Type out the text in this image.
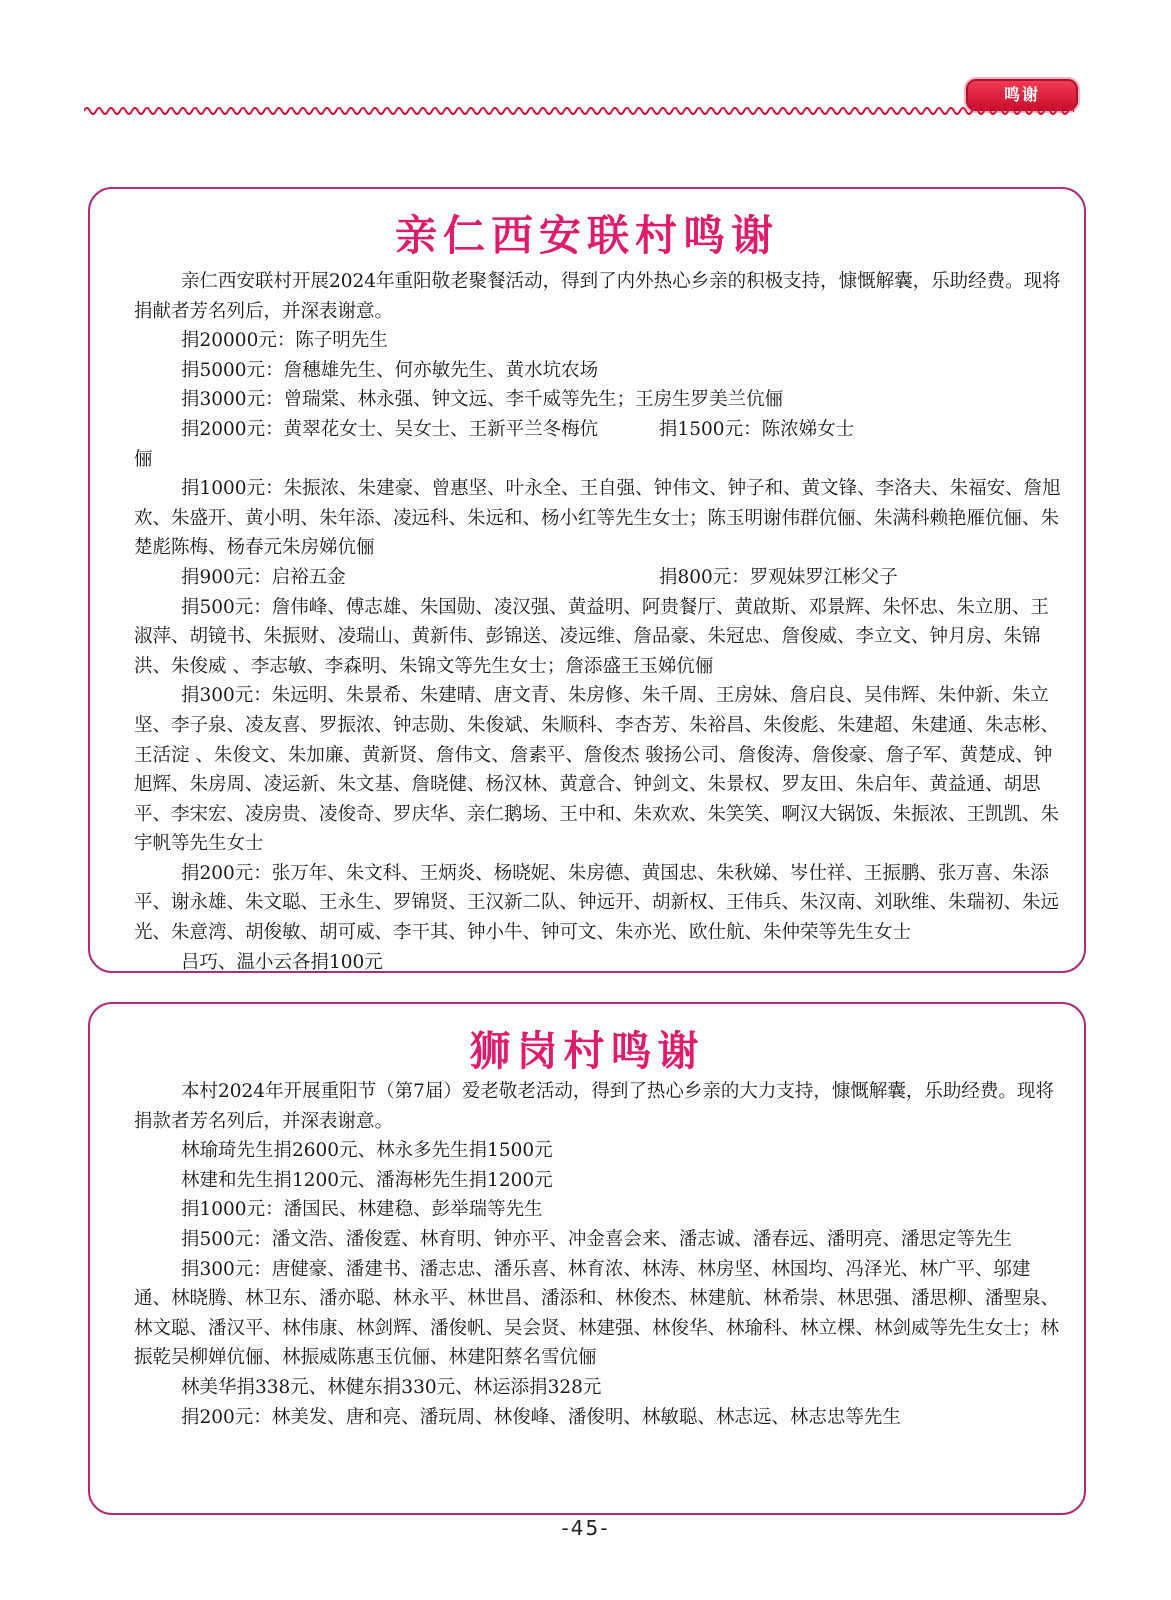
鸣谢
亲仁西安联村鸣谢

亲仁西安联村开展2024年重阳敬老聚餐活动，得到了内外热心乡亲的积极支持，慷慨解囊，乐助经费。现将捐献者芳名列后，并深表谢意。

捐20000元：陈子明先生

捐5000元：詹穗雄先生、何亦敏先生、黄水坑农场

捐3000元：曾瑞棠、林永强、钟文远、李千威等先生；王房生罗美兰伉俪

捐2000元：黄翠花女士、吴女士、王新平兰冬梅伉俪
捐1500元：陈浓娣女士

捐1000元：朱振浓、朱建豪、曾惠坚、叶永全、王自强、钟伟文、钟子和、黄文锋、李洛夫、朱福安、詹旭欢、朱盛开、黄小明、朱年添、凌远科、朱远和、杨小红等先生女士；陈玉明谢伟群伉俪、朱满科赖艳雁伉俪、朱楚彪陈梅、杨春元朱房娣伉俪

捐900元：启裕五金	捐800元：罗观妹罗江彬父子

捐500元：詹伟峰、傅志雄、朱国勋、凌汉强、黄益明、阿贵餐厅、黄啟斯、邓景辉、朱怀忠、朱立朋、王淑萍、胡镜书、朱振财、凌瑞山、黄新伟、彭锦送、凌远维、詹品豪、朱冠忠、詹俊威、李立文、钟月房、朱锦洪、朱俊威 、李志敏、李森明、朱锦文等先生女士；詹添盛王玉娣伉俪

捐300元：朱远明、朱景希、朱建晴、唐文青、朱房修、朱千周、王房妹、詹启良、吴伟辉、朱仲新、朱立坚、李子泉、凌友喜、罗振浓、钟志勋、朱俊斌、朱顺科、李杏芳、朱裕昌、朱俊彪、朱建超、朱建通、朱志彬、王活淀 、朱俊文、朱加廉、黄新贤、詹伟文、詹素平、詹俊杰 骏扬公司、詹俊涛、詹俊豪、詹子军、黄楚成、钟旭辉、朱房周、凌运新、朱文基、詹晓健、杨汉林、黄意合、钟剑文、朱景权、罗友田、朱启年、黄益通、胡思平、李宋宏、凌房贵、凌俊奇、罗庆华、亲仁鹅场、王中和、朱欢欢、朱笑笑、啊汉大锅饭、朱振浓、王凯凯、朱宇帆等先生女士

捐200元：张万年、朱文科、王炳炎、杨晓妮、朱房德、黄国忠、朱秋娣、岑仕祥、王振鹏、张万喜、朱添平、谢永雄、朱文聪、王永生、罗锦贤、王汉新二队、钟远开、胡新权、王伟兵、朱汉南、刘耿维、朱瑞初、朱远光、朱意湾、胡俊敏、胡可威、李干其、钟小牛、钟可文、朱亦光、欧仕航、朱仲荣等先生女士

吕巧、温小云各捐100元

狮岗村鸣谢

本村2024年开展重阳节（第7届）爱老敬老活动，得到了热心乡亲的大力支持，慷慨解囊，乐助经费。现将捐款者芳名列后，并深表谢意。

林瑜琦先生捐2600元、林永多先生捐1500元

林建和先生捐1200元、潘海彬先生捐1200元

捐1000元：潘国民、林建稳、彭举瑞等先生

捐500元：潘文浩、潘俊霆、林育明、钟亦平、冲金喜会来、潘志诚、潘春远、潘明亮、潘思定等先生

捐300元：唐健豪、潘建书、潘志忠、潘乐喜、林育浓、林涛、林房坚、林国均、冯泽光、林广平、邬建通、林晓腾、林卫东、潘亦聪、林永平、林世昌、潘添和、林俊杰、林建航、林希崇、林思强、潘思柳、潘聖泉、林文聪、潘汉平、林伟康、林剑辉、潘俊帆、吴会贤、林建强、林俊华、林瑜科、林立棵、林剑威等先生女士；林振乾吴柳婵伉俪、林振威陈惠玉伉俪、林建阳蔡名雪伉俪

林美华捐338元、林健东捐330元、林运添捐328元

捐200元：林美发、唐和亮、潘玩周、林俊峰、潘俊明、林敏聪、林志远、林志忠等先生

-45-
